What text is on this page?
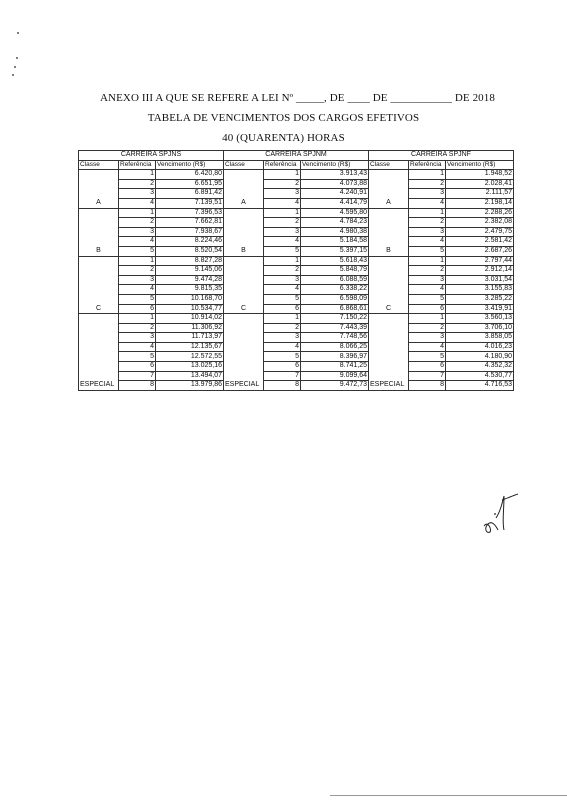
ANEXO III A QUE SE REFERE A LEI Nº _____, DE ____ DE ___________ DE 2018
TABELA DE VENCIMENTOS DOS CARGOS EFETIVOS
40 (QUARENTA) HORAS
CARREIRA SPJNS			CARREIRA SPJNM			CARREIRA SPJNF		
Classe	Referência	Vencimento (R$)	Classe	Referência	Vencimento (R$)	Classe	Referência	Vencimento (R$)

A	1	6.420,80	A	1	3.913,43	A	1	1.948,52
	2	6.651,95		2	4.073,88		2	2.028,41
	3	6.891,42		3	4.240,91		3	2.111,57
	4	7.139,51		4	4.414,79		4	2.198,14

B	1	7.396,53	B	1	4.595,80	B	1	2.288,26
	2	7.662,81		2	4.784,23		2	2.382,08
	3	7.938,67		3	4.980,38		3	2.479,75
	4	8.224,46		4	5.184,58		4	2.581,42
	5	8.520,54		5	5.397,15		5	2.687,26

C	1	8.827,28	C	1	5.618,43	C	1	2.797,44
	2	9.145,06		2	5.848,79		2	2.912,14
	3	9.474,28		3	6.088,59		3	3.031,54
	4	9.815,35		4	6.338,22		4	3.155,83
	5	10.168,70		5	6.598,09		5	3.285,22
	6	10.534,77		6	6.868,61		6	3.419,91

ESPECIAL	1	10.914,02	ESPECIAL	1	7.150,22	ESPECIAL	1	3.560,13
	2	11.306,92		2	7.443,39		2	3.706,10
	3	11.713,97		3	7.748,56		3	3.858,05
	4	12.135,67		4	8.066,25		4	4.016,23
	5	12.572,55		5	8.396,97		5	4.180,90
	6	13.025,16		6	8.741,25		6	4.352,32
	7	13.494,07		7	9.099,64		7	4.530,77
	8	13.979,86		8	9.472,73		8	4.716,53
